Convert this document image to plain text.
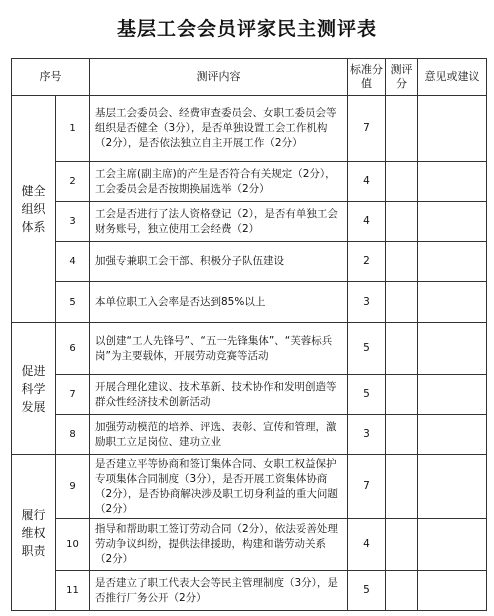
基层工会会员评家民主测评表
序号		测评内容	标准分值	测评分	意见或建议
健全组织体系	1	基层工会委员会、经费审查委员会、女职工委员会等组织是否健全（3分），是否单独设置工会工作机构（2分），是否依法独立自主开展工作（2分）	7		
	2	工会主席(副主席)的产生是否符合有关规定（2分），工会委员会是否按期换届选举（2分）	4		
	3	工会是否进行了法人资格登记（2），是否有单独工会财务账号，独立使用工会经费（2）	4		
	4	加强专兼职工会干部、积极分子队伍建设	2		
	5	本单位职工入会率是否达到85%以上	3		
促进科学发展	6	以创建“工人先锋号”、“五一先锋集体”、“芙蓉标兵岗”为主要载体，开展劳动竞赛等活动	5		
	7	开展合理化建议、技术革新、技术协作和发明创造等群众性经济技术创新活动	5		
	8	加强劳动模范的培养、评选、表彰、宣传和管理，激励职工立足岗位、建功立业	3		
履行维权职责	9	是否建立平等协商和签订集体合同、女职工权益保护专项集体合同制度（3分），是否开展工资集体协商（2分），是否协商解决涉及职工切身利益的重大问题（2分）	7		
	10	指导和帮助职工签订劳动合同（2分），依法妥善处理劳动争议纠纷，提供法律援助，构建和谐劳动关系（2分）	4		
	11	是否建立了职工代表大会等民主管理制度（3分），是否推行厂务公开（2分）	5		
